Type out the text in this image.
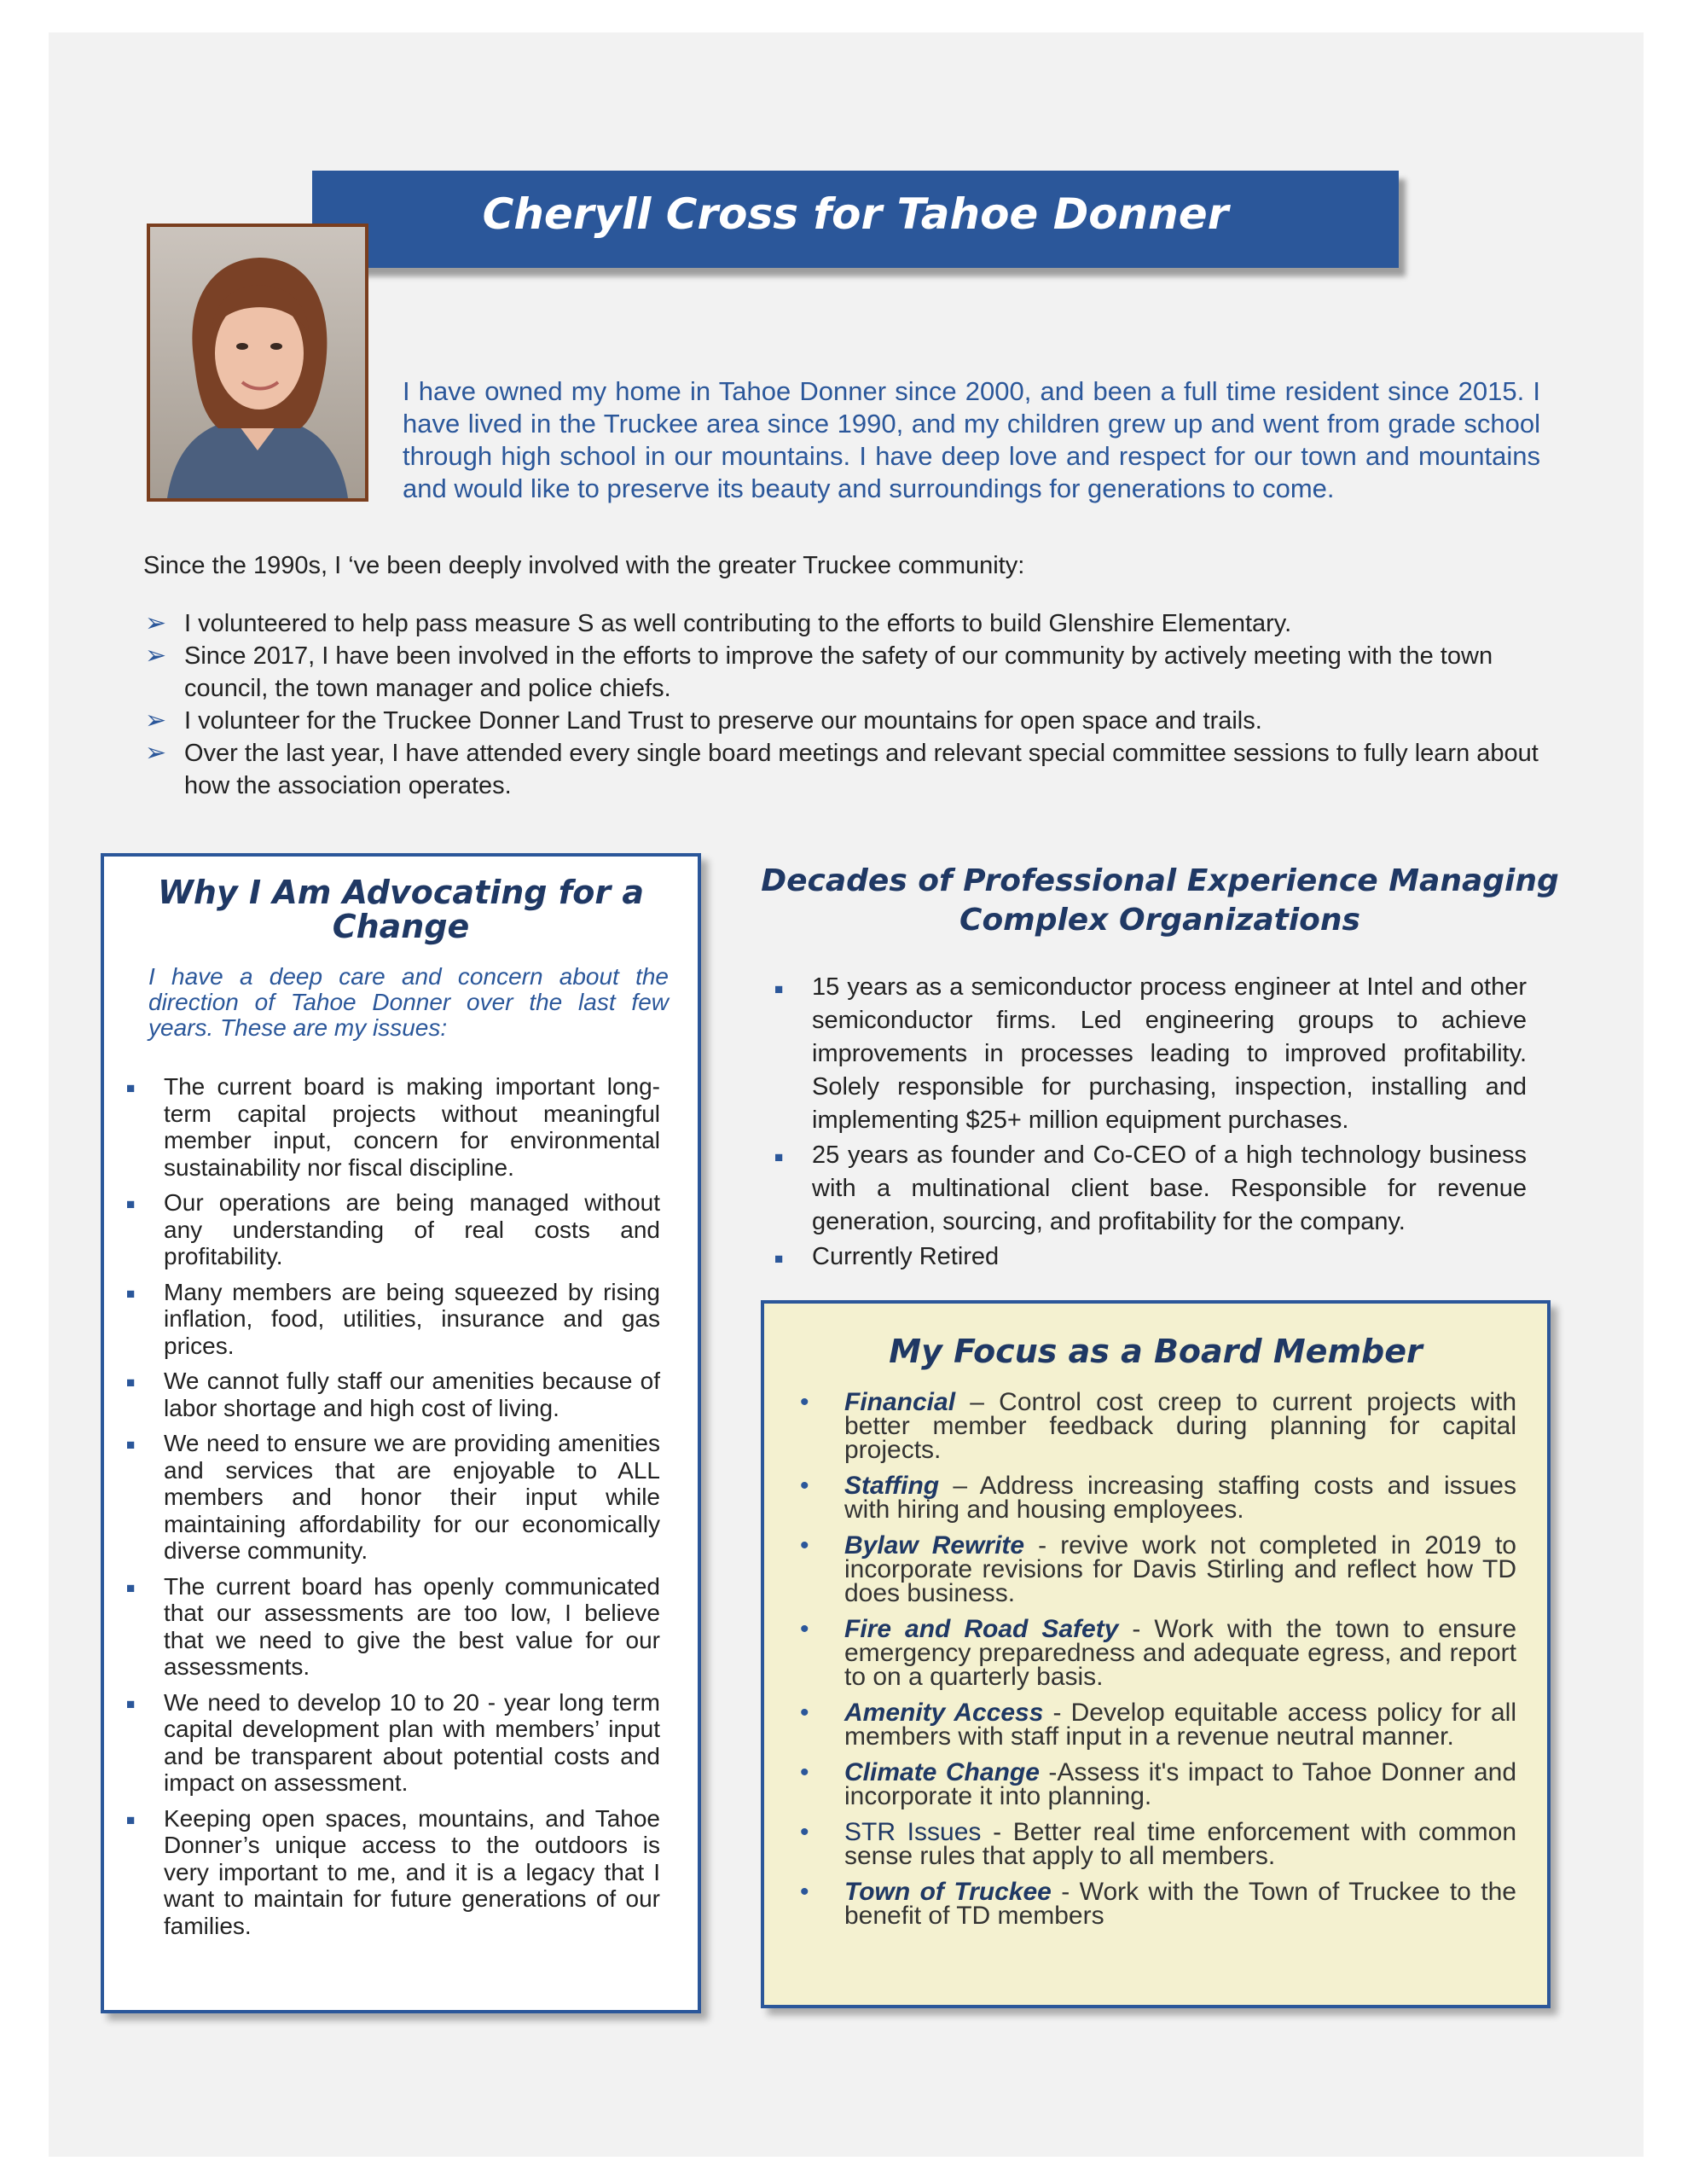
Cheryll Cross for Tahoe Donner
I have owned my home in Tahoe Donner since 2000, and been a full time resident since 2015. I have lived in the Truckee area since 1990, and my children grew up and went from grade school through high school in our mountains. I have deep love and respect for our town and mountains and would like to preserve its beauty and surroundings for generations to come.
Since the 1990s, I ‘ve been deeply involved with the greater Truckee community:
➢ I volunteered to help pass measure S as well contributing to the efforts to build Glenshire Elementary.
➢ Since 2017, I have been involved in the efforts to improve the safety of our community by actively meeting with the town council, the town manager and police chiefs.
➢ I volunteer for the Truckee Donner Land Trust to preserve our mountains for open space and trails.
➢ Over the last year, I have attended every single board meetings and relevant special committee sessions to fully learn about how the association operates.
Why I Am Advocating for a Change
I have a deep care and concern about the direction of Tahoe Donner over the last few years. These are my issues:
■ The current board is making important long-term capital projects without meaningful member input, concern for environmental sustainability nor fiscal discipline.
■ Our operations are being managed without any understanding of real costs and profitability.
■ Many members are being squeezed by rising inflation, food, utilities, insurance and gas prices.
■ We cannot fully staff our amenities because of labor shortage and high cost of living.
■ We need to ensure we are providing amenities and services that are enjoyable to ALL members and honor their input while maintaining affordability for our economically diverse community.
■ The current board has openly communicated that our assessments are too low, I believe that we need to give the best value for our assessments.
■ We need to develop 10 to 20 - year long term capital development plan with members’ input and be transparent about potential costs and impact on assessment.
■ Keeping open spaces, mountains, and Tahoe Donner’s unique access to the outdoors is very important to me, and it is a legacy that I want to maintain for future generations of our families.
Decades of Professional Experience Managing Complex Organizations
■ 15 years as a semiconductor process engineer at Intel and other semiconductor firms. Led engineering groups to achieve improvements in processes leading to improved profitability. Solely responsible for purchasing, inspection, installing and implementing $25+ million equipment purchases.
■ 25 years as founder and Co-CEO of a high technology business with a multinational client base. Responsible for revenue generation, sourcing, and profitability for the company.
■ Currently Retired
My Focus as a Board Member
• Financial – Control cost creep to current projects with better member feedback during planning for capital projects.
• Staffing – Address increasing staffing costs and issues with hiring and housing employees.
• Bylaw Rewrite - revive work not completed in 2019 to incorporate revisions for Davis Stirling and reflect how TD does business.
• Fire and Road Safety - Work with the town to ensure emergency preparedness and adequate egress, and report to on a quarterly basis.
• Amenity Access - Develop equitable access policy for all members with staff input in a revenue neutral manner.
• Climate Change -Assess it's impact to Tahoe Donner and incorporate it into planning.
• STR Issues - Better real time enforcement with common sense rules that apply to all members.
• Town of Truckee - Work with the Town of Truckee to the benefit of TD members
